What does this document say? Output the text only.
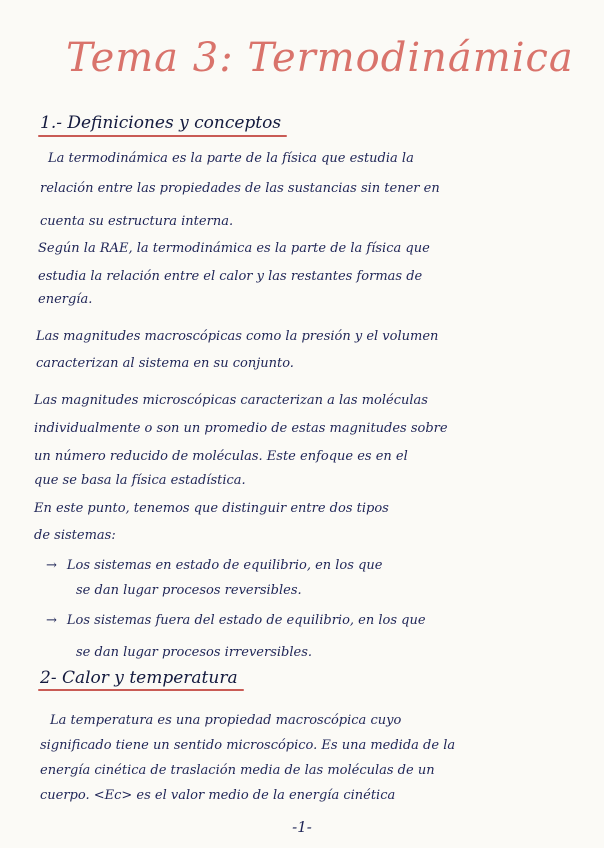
Tema 3: Termodinámica
1.- Definiciones y conceptos
La termodinámica es la parte de la física que estudia la
relación entre las propiedades de las sustancias sin tener en
cuenta su estructura interna.
Según la RAE, la termodinámica es la parte de la física que
estudia la relación entre el calor y las restantes formas de
energía.
Las magnitudes macroscópicas como la presión y el volumen
caracterizan al sistema en su conjunto.
Las magnitudes microscópicas caracterizan a las moléculas
individualmente o son un promedio de estas magnitudes sobre
un número reducido de moléculas. Este enfoque es en el
que se basa la física estadística.
En este punto, tenemos que distinguir entre dos tipos
de sistemas:
→ Los sistemas en estado de equilibrio, en los que
se dan lugar procesos reversibles.
→ Los sistemas fuera del estado de equilibrio, en los que
se dan lugar procesos irreversibles.
2- Calor y temperatura
La temperatura es una propiedad macroscópica cuyo
significado tiene un sentido microscópico. Es una medida de la
energía cinética de traslación media de las moléculas de un
cuerpo. <Ec> es el valor medio de la energía cinética
-1-
